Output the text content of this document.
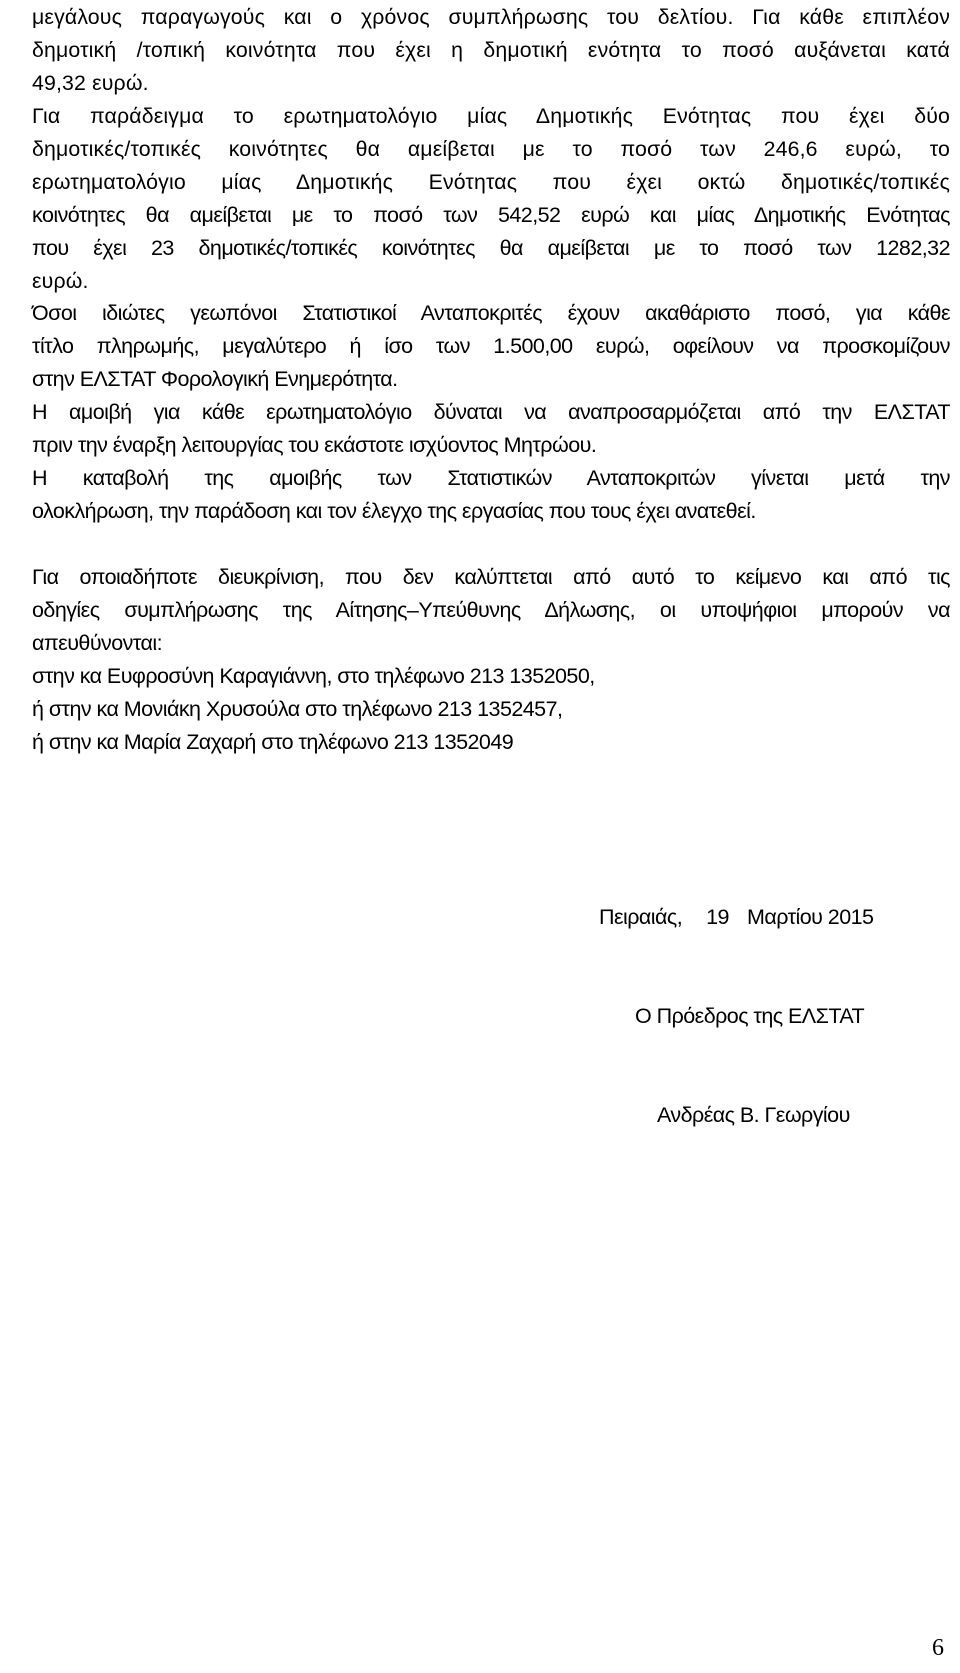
μεγάλους παραγωγούς και ο χρόνος συμπλήρωσης του δελτίου. Για κάθε επιπλέον
δημοτική /τοπική κοινότητα που έχει η δημοτική ενότητα το ποσό αυξάνεται κατά
49,32 ευρώ.
Για παράδειγμα το ερωτηματολόγιο μίας Δημοτικής Ενότητας που έχει δύο
δημοτικές/τοπικές κοινότητες θα αμείβεται με το ποσό των 246,6 ευρώ, το
ερωτηματολόγιο μίας Δημοτικής Ενότητας που έχει οκτώ δημοτικές/τοπικές
κοινότητες θα αμείβεται με το ποσό των 542,52 ευρώ και μίας Δημοτικής Ενότητας
που έχει 23 δημοτικές/τοπικές κοινότητες θα αμείβεται με το ποσό των 1282,32
ευρώ.
Όσοι ιδιώτες γεωπόνοι Στατιστικοί Ανταποκριτές έχουν ακαθάριστο ποσό, για κάθε
τίτλο πληρωμής, μεγαλύτερο ή ίσο των 1.500,00 ευρώ, οφείλουν να προσκομίζουν
στην ΕΛΣΤΑΤ Φορολογική Ενημερότητα.
Η αμοιβή για κάθε ερωτηματολόγιο δύναται να αναπροσαρμόζεται από την ΕΛΣΤΑΤ
πριν την έναρξη λειτουργίας του εκάστοτε ισχύοντος Μητρώου.
Η καταβολή της αμοιβής των Στατιστικών Ανταποκριτών γίνεται μετά την
ολοκλήρωση, την παράδοση και τον έλεγχο της εργασίας που τους έχει ανατεθεί.
Για οποιαδήποτε διευκρίνιση, που δεν καλύπτεται από αυτό το κείμενο και από τις
οδηγίες συμπλήρωσης της Αίτησης–Υπεύθυνης Δήλωσης, οι υποψήφιοι μπορούν να
απευθύνονται:
στην κα Ευφροσύνη Καραγιάννη, στο τηλέφωνο 213 1352050,
ή στην κα Μονιάκη Χρυσούλα στο τηλέφωνο 213 1352457,
ή στην κα Μαρία Ζαχαρή στο τηλέφωνο 213 1352049
Πειραιάς, 19 Μαρτίου 2015
Ο Πρόεδρος της ΕΛΣΤΑΤ
Ανδρέας Β. Γεωργίου
6
